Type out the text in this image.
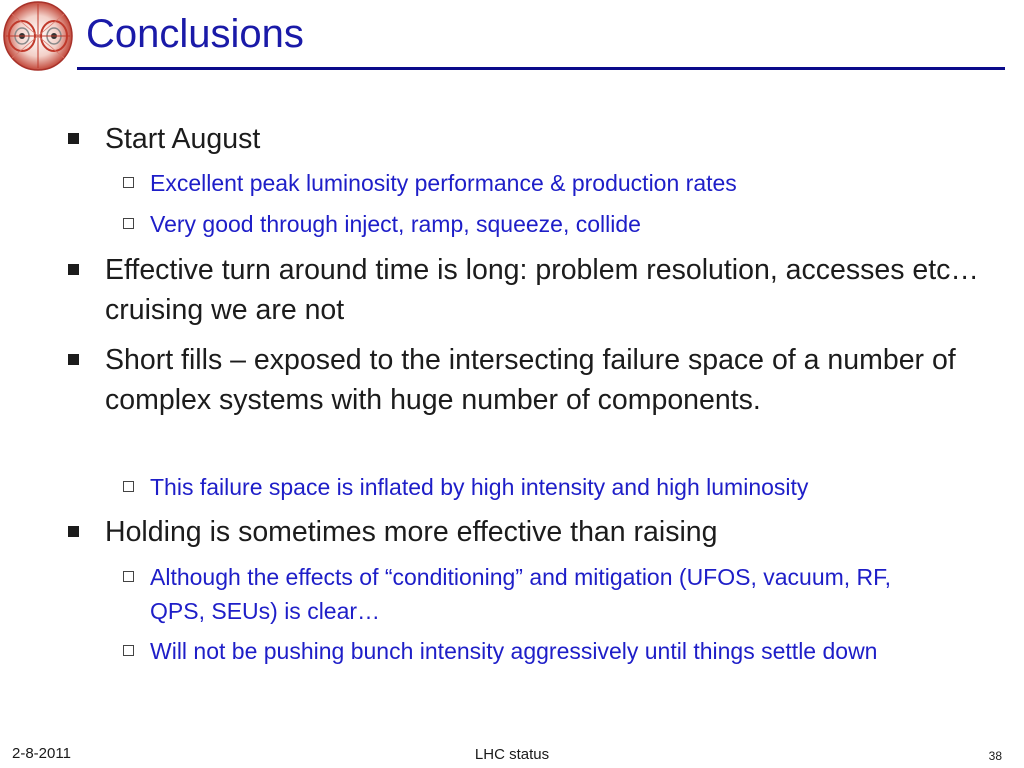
Conclusions
Start August
Excellent peak luminosity performance & production rates
Very good through inject, ramp, squeeze, collide
Effective turn around time is long: problem resolution, accesses etc…cruising we are not
Short fills – exposed to the intersecting failure space of a number of complex systems with huge number of components.
This failure space is inflated by high intensity and high luminosity
Holding is sometimes more effective than raising
Although the effects of “conditioning” and mitigation (UFOS, vacuum, RF, QPS, SEUs) is clear…
Will not be pushing bunch intensity aggressively until things settle down
2-8-2011	LHC status	38
